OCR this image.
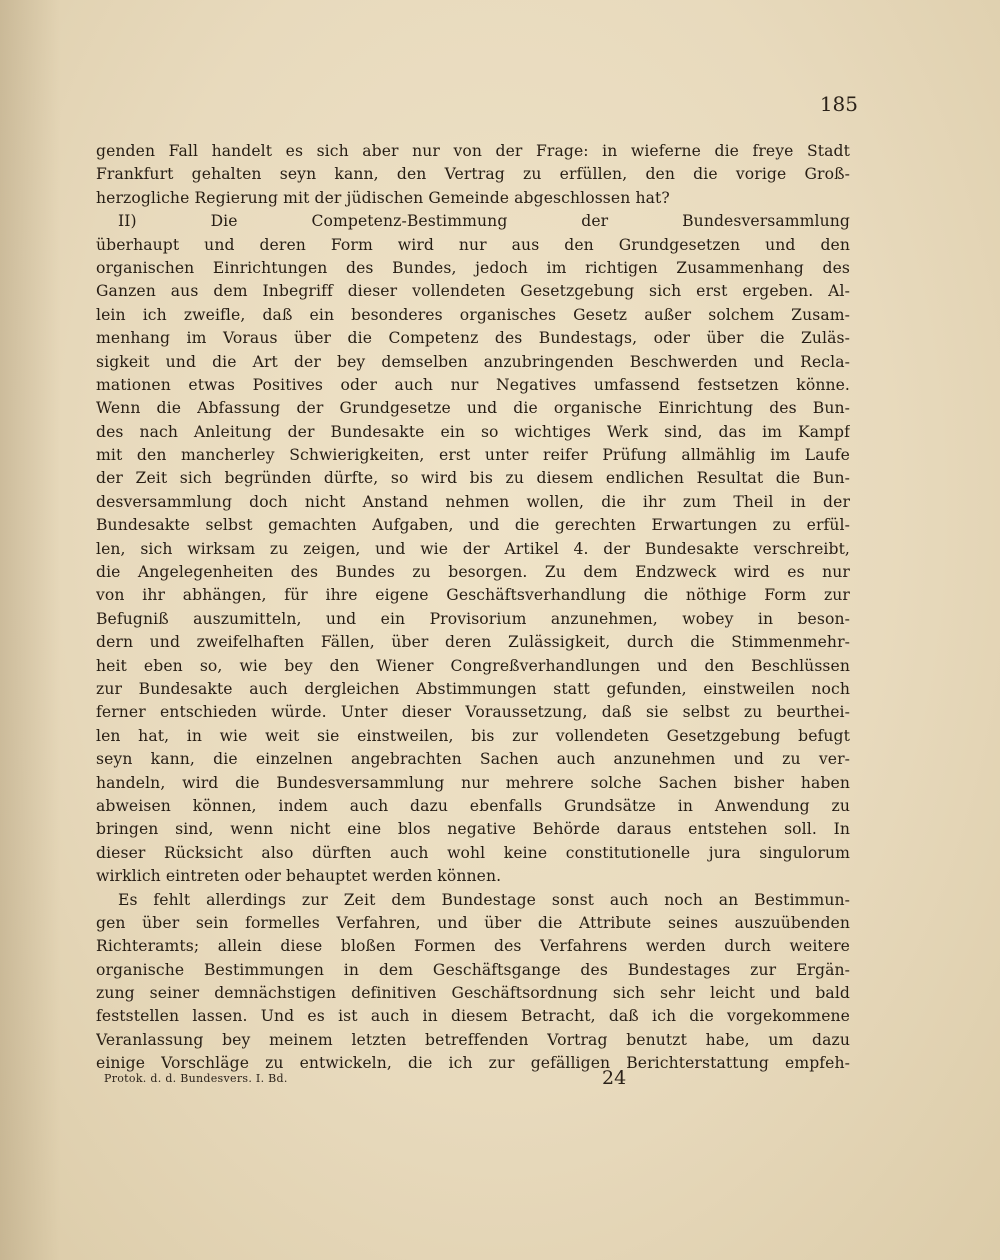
185
genden Fall handelt es sich aber nur von der Frage: in wieferne die freye Stadt
Frankfurt gehalten seyn kann, den Vertrag zu erfüllen, den die vorige Groß-
herzogliche Regierung mit der jüdischen Gemeinde abgeschlossen hat?
II) Die Competenz-Bestimmung der Bundesversammlung
überhaupt und deren Form wird nur aus den Grundgesetzen und den
organischen Einrichtungen des Bundes, jedoch im richtigen Zusammenhang des
Ganzen aus dem Inbegriff dieser vollendeten Gesetzgebung sich erst ergeben. Al-
lein ich zweifle, daß ein besonderes organisches Gesetz außer solchem Zusam-
menhang im Voraus über die Competenz des Bundestags, oder über die Zuläs-
sigkeit und die Art der bey demselben anzubringenden Beschwerden und Recla-
mationen etwas Positives oder auch nur Negatives umfassend festsetzen könne.
Wenn die Abfassung der Grundgesetze und die organische Einrichtung des Bun-
des nach Anleitung der Bundesakte ein so wichtiges Werk sind, das im Kampf
mit den mancherley Schwierigkeiten, erst unter reifer Prüfung allmählig im Laufe
der Zeit sich begründen dürfte, so wird bis zu diesem endlichen Resultat die Bun-
desversammlung doch nicht Anstand nehmen wollen, die ihr zum Theil in der
Bundesakte selbst gemachten Aufgaben, und die gerechten Erwartungen zu erfül-
len, sich wirksam zu zeigen, und wie der Artikel 4. der Bundesakte verschreibt,
die Angelegenheiten des Bundes zu besorgen. Zu dem Endzweck wird es nur
von ihr abhängen, für ihre eigene Geschäftsverhandlung die nöthige Form zur
Befugniß auszumitteln, und ein Provisorium anzunehmen, wobey in beson-
dern und zweifelhaften Fällen, über deren Zulässigkeit, durch die Stimmenmehr-
heit eben so, wie bey den Wiener Congreßverhandlungen und den Beschlüssen
zur Bundesakte auch dergleichen Abstimmungen statt gefunden, einstweilen noch
ferner entschieden würde. Unter dieser Voraussetzung, daß sie selbst zu beurthei-
len hat, in wie weit sie einstweilen, bis zur vollendeten Gesetzgebung befugt
seyn kann, die einzelnen angebrachten Sachen auch anzunehmen und zu ver-
handeln, wird die Bundesversammlung nur mehrere solche Sachen bisher haben
abweisen können, indem auch dazu ebenfalls Grundsätze in Anwendung zu
bringen sind, wenn nicht eine blos negative Behörde daraus entstehen soll. In
dieser Rücksicht also dürften auch wohl keine constitutionelle jura singulorum
wirklich eintreten oder behauptet werden können.
Es fehlt allerdings zur Zeit dem Bundestage sonst auch noch an Bestimmun-
gen über sein formelles Verfahren, und über die Attribute seines auszuübenden
Richteramts; allein diese bloßen Formen des Verfahrens werden durch weitere
organische Bestimmungen in dem Geschäftsgange des Bundestages zur Ergän-
zung seiner demnächstigen definitiven Geschäftsordnung sich sehr leicht und bald
feststellen lassen. Und es ist auch in diesem Betracht, daß ich die vorgekommene
Veranlassung bey meinem letzten betreffenden Vortrag benutzt habe, um dazu
einige Vorschläge zu entwickeln, die ich zur gefälligen Berichterstattung empfeh-
Protok. d. d. Bundesvers. I. Bd.	24
